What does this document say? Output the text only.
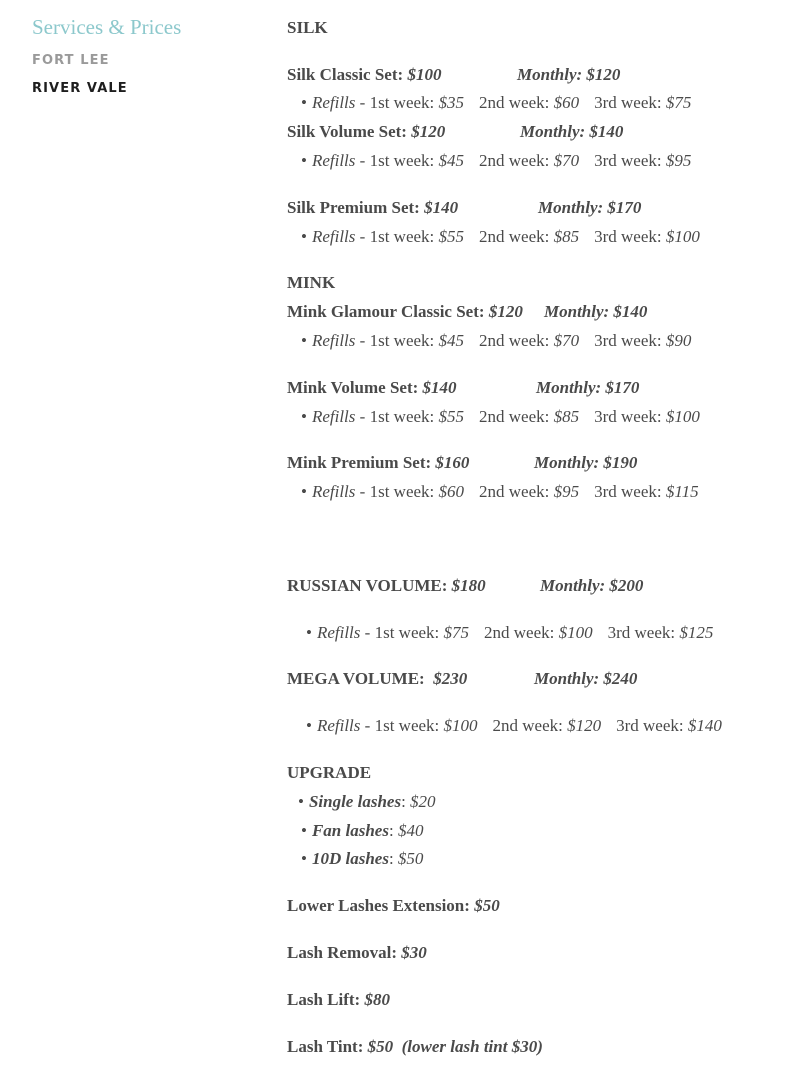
Services & Prices
FORT LEE
RIVER VALE
SILK
Silk Classic Set: $100	Monthly: $120
• Refills - 1st week: $35 2nd week: $60 3rd week: $75
Silk Volume Set: $120	Monthly: $140
• Refills - 1st week: $45 2nd week: $70 3rd week: $95
Silk Premium Set: $140	Monthly: $170
• Refills - 1st week: $55 2nd week: $85 3rd week: $100
MINK
Mink Glamour Classic Set: $120 Monthly: $140
• Refills - 1st week: $45 2nd week: $70 3rd week: $90
Mink Volume Set: $140	Monthly: $170
• Refills - 1st week: $55 2nd week: $85 3rd week: $100
Mink Premium Set: $160	Monthly: $190
• Refills - 1st week: $60 2nd week: $95 3rd week: $115
RUSSIAN VOLUME: $180	Monthly: $200
• Refills - 1st week: $75 2nd week: $100 3rd week: $125
MEGA VOLUME:  $230	Monthly: $240
• Refills - 1st week: $100 2nd week: $120 3rd week: $140
UPGRADE
• Single lashes: $20
• Fan lashes: $40
• 10D lashes: $50
Lower Lashes Extension: $50
Lash Removal: $30
Lash Lift: $80
Lash Tint: $50  (lower lash tint $30)
